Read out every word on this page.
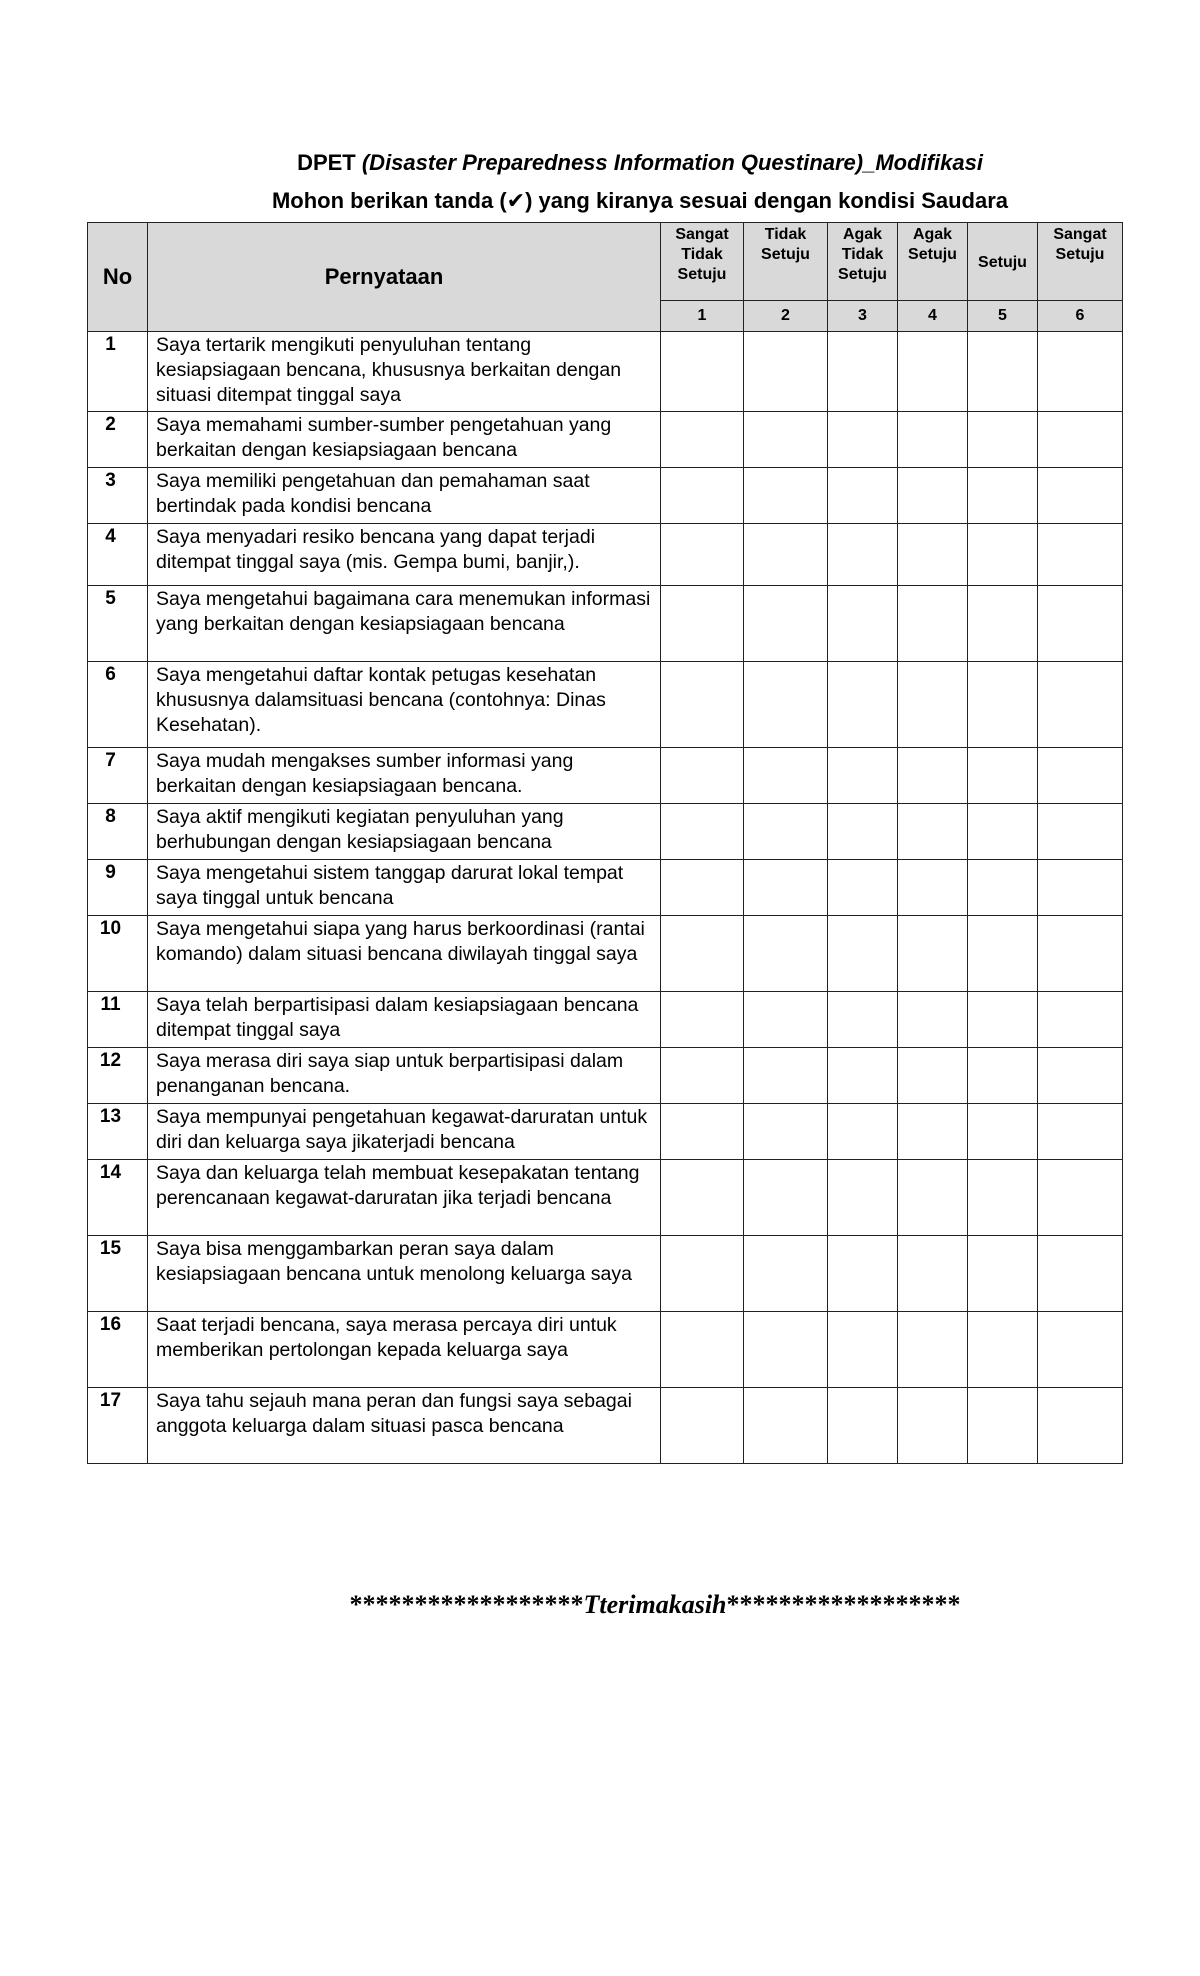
DPET (Disaster Preparedness Information Questinare)_Modifikasi
Mohon berikan tanda (✔) yang kiranya sesuai dengan kondisi Saudara
No	Pernyataan	Sangat Tidak Setuju	Tidak Setuju	Agak Tidak Setuju	Agak Setuju	Setuju	Sangat Setuju
		1	2	3	4	5	6
1	Saya tertarik mengikuti penyuluhan tentang kesiapsiagaan bencana, khususnya berkaitan dengan situasi ditempat tinggal saya						
2	Saya memahami sumber-sumber pengetahuan yang berkaitan dengan kesiapsiagaan bencana						
3	Saya memiliki pengetahuan dan pemahaman saat bertindak pada kondisi bencana						
4	Saya menyadari resiko bencana yang dapat terjadi ditempat tinggal saya (mis. Gempa bumi, banjir,).						
5	Saya mengetahui bagaimana cara menemukan informasi yang berkaitan dengan kesiapsiagaan bencana						
6	Saya mengetahui daftar kontak petugas kesehatan khususnya dalamsituasi bencana (contohnya: Dinas Kesehatan).						
7	Saya mudah mengakses sumber informasi yang berkaitan dengan kesiapsiagaan bencana.						
8	Saya aktif mengikuti kegiatan penyuluhan yang berhubungan dengan kesiapsiagaan bencana						
9	Saya mengetahui sistem tanggap darurat lokal tempat saya tinggal untuk bencana						
10	Saya mengetahui siapa yang harus berkoordinasi (rantai komando) dalam situasi bencana diwilayah tinggal saya						
11	Saya telah berpartisipasi dalam kesiapsiagaan bencana ditempat tinggal saya						
12	Saya merasa diri saya siap untuk berpartisipasi dalam penanganan bencana.						
13	Saya mempunyai pengetahuan kegawat-daruratan untuk diri dan keluarga saya jikaterjadi bencana						
14	Saya dan keluarga telah membuat kesepakatan tentang perencanaan kegawat-daruratan jika terjadi bencana						
15	Saya bisa menggambarkan peran saya dalam kesiapsiagaan bencana untuk menolong keluarga saya						
16	Saat terjadi bencana, saya merasa percaya diri untuk memberikan pertolongan kepada keluarga saya						
17	Saya tahu sejauh mana peran dan fungsi saya sebagai anggota keluarga dalam situasi pasca bencana						
******************Tterimakasih******************
